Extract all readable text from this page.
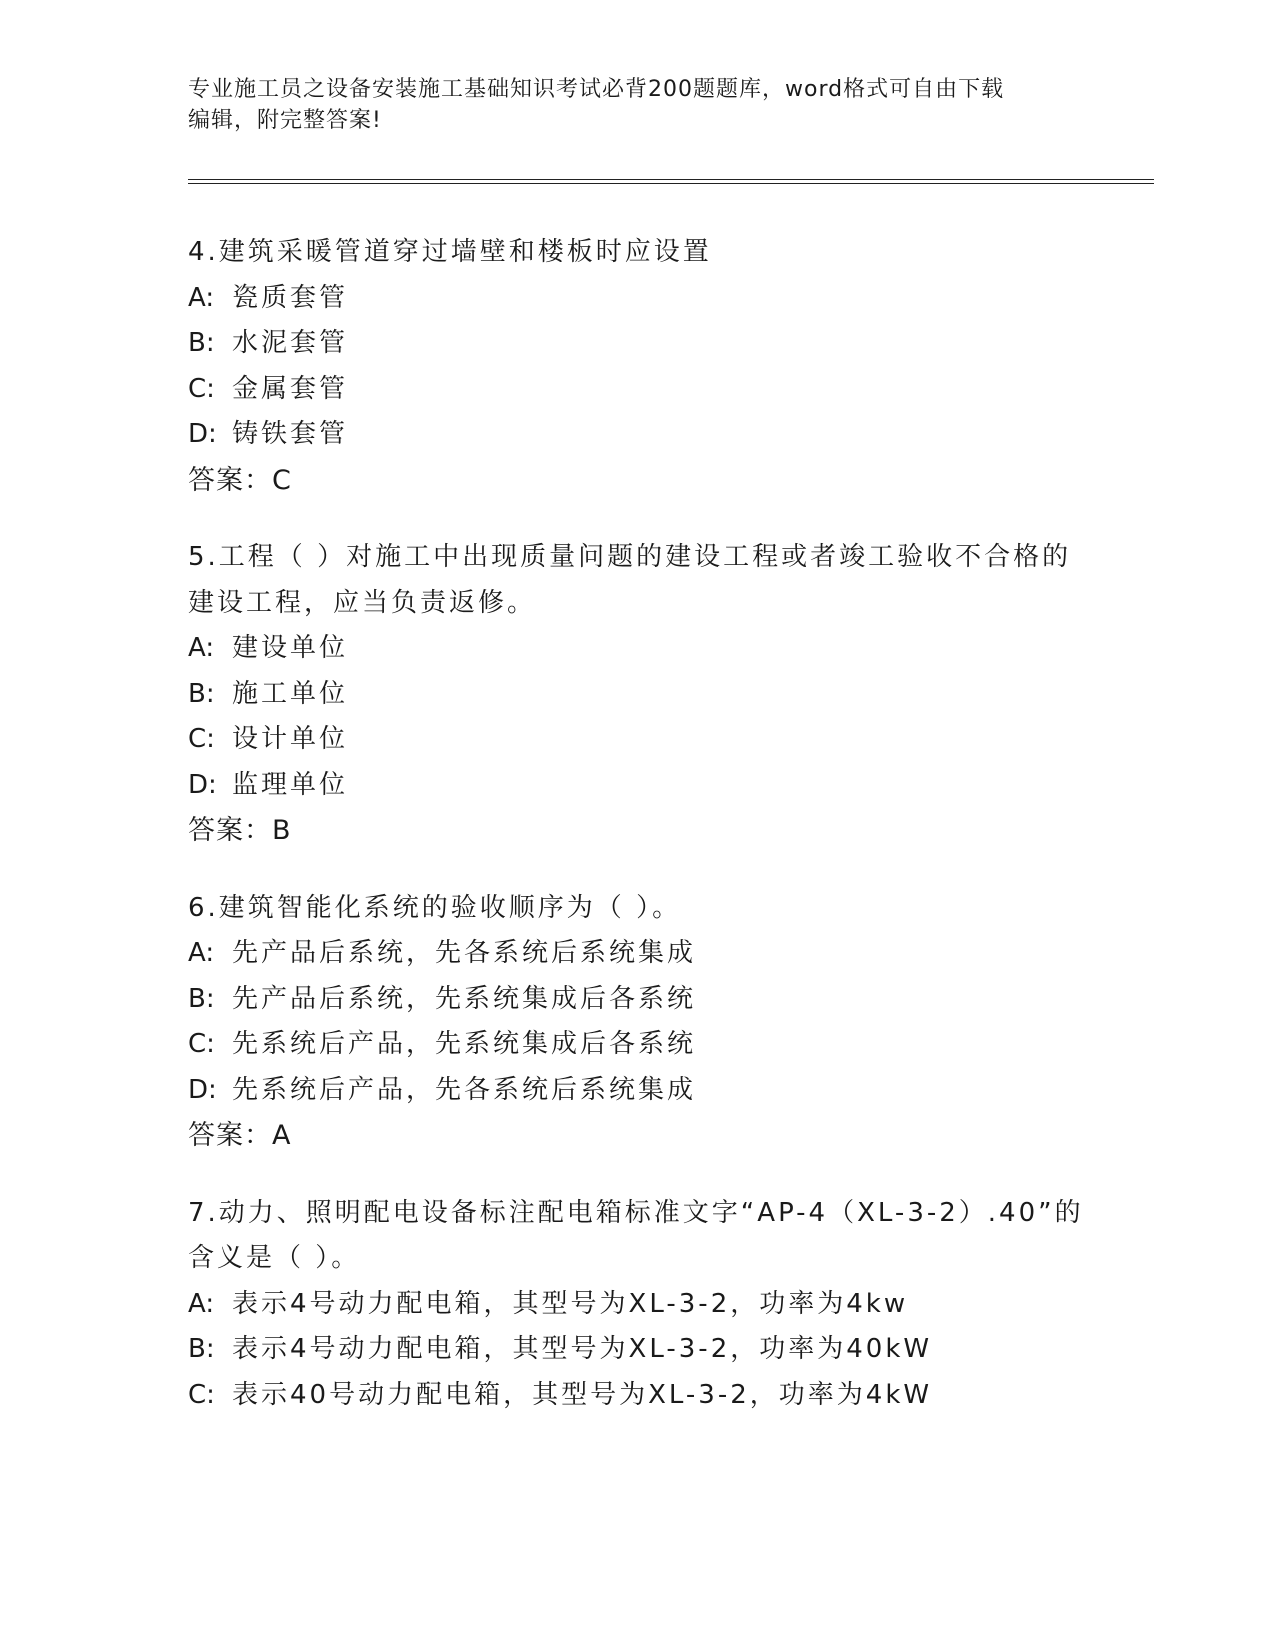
专业施工员之设备安装施工基础知识考试必背200题题库，word格式可自由下载
编辑，附完整答案!
4.建筑采暖管道穿过墙壁和楼板时应设置
A: 瓷质套管
B: 水泥套管
C: 金属套管
D: 铸铁套管
答案：C
5.工程（ ）对施工中出现质量问题的建设工程或者竣工验收不合格的
建设工程，应当负责返修。
A: 建设单位
B: 施工单位
C: 设计单位
D: 监理单位
答案：B
6.建筑智能化系统的验收顺序为（ ）。
A: 先产品后系统，先各系统后系统集成
B: 先产品后系统，先系统集成后各系统
C: 先系统后产品，先系统集成后各系统
D: 先系统后产品，先各系统后系统集成
答案：A
7.动力、照明配电设备标注配电箱标准文字“AP-4（XL-3-2）.40”的
含义是（ ）。
A: 表示4号动力配电箱，其型号为XL-3-2，功率为4kw
B: 表示4号动力配电箱，其型号为XL-3-2，功率为40kW
C: 表示40号动力配电箱，其型号为XL-3-2，功率为4kW
